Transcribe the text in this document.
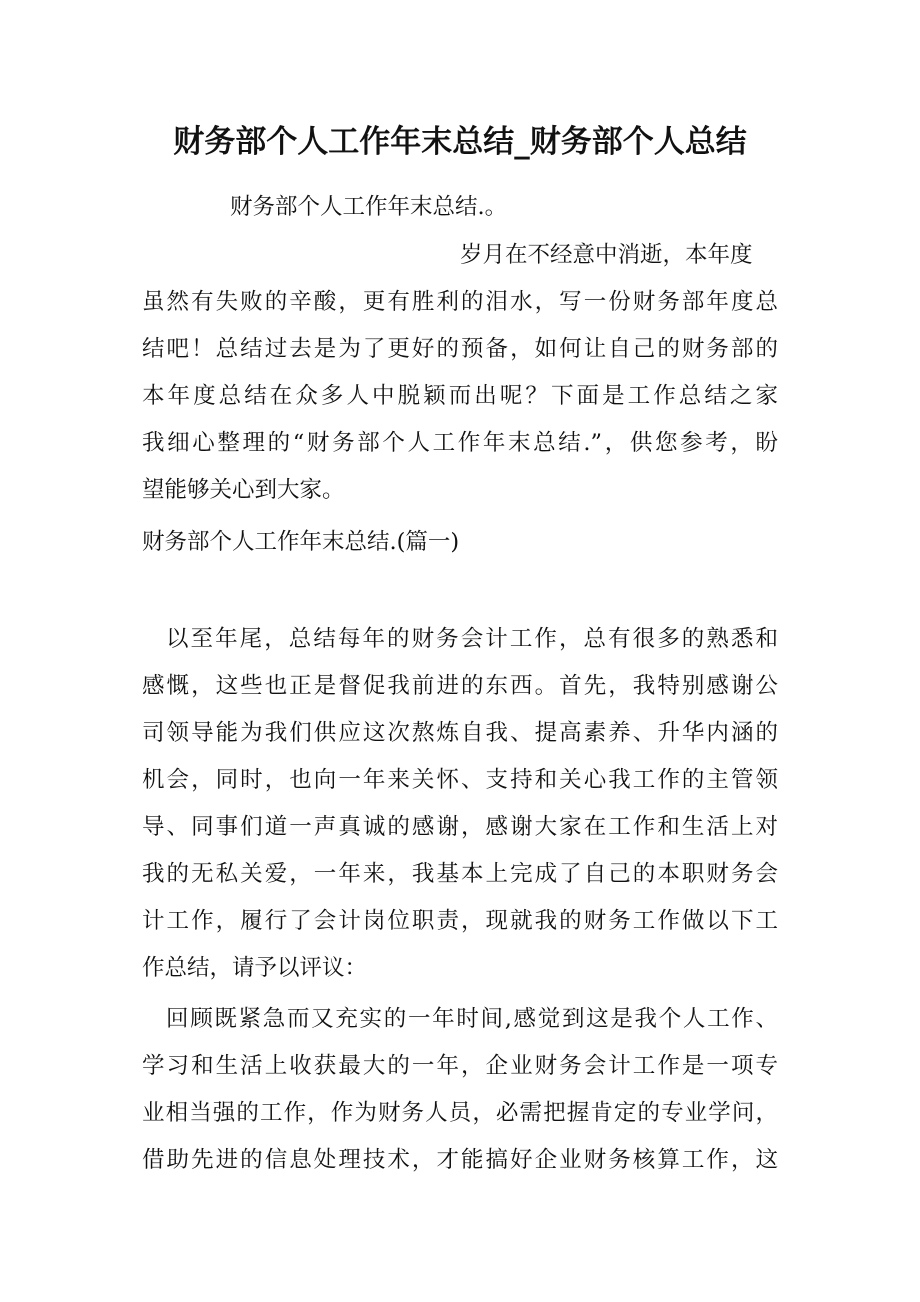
财务部个人工作年末总结_财务部个人总结

财务部个人工作年末总结.。

岁月在不经意中消逝，本年度

虽然有失败的辛酸，更有胜利的泪水，写一份财务部年度总

结吧！总结过去是为了更好的预备，如何让自己的财务部的

本年度总结在众多人中脱颖而出呢？下面是工作总结之家

我细心整理的“财务部个人工作年末总结.”，供您参考，盼

望能够关心到大家。

财务部个人工作年末总结.(篇一)

以至年尾，总结每年的财务会计工作，总有很多的熟悉和

感慨，这些也正是督促我前进的东西。首先，我特别感谢公

司领导能为我们供应这次熬炼自我、提高素养、升华内涵的

机会，同时，也向一年来关怀、支持和关心我工作的主管领

导、同事们道一声真诚的感谢，感谢大家在工作和生活上对

我的无私关爱，一年来，我基本上完成了自己的本职财务会

计工作，履行了会计岗位职责，现就我的财务工作做以下工

作总结，请予以评议：

回顾既紧急而又充实的一年时间,感觉到这是我个人工作、

学习和生活上收获最大的一年，企业财务会计工作是一项专

业相当强的工作，作为财务人员，必需把握肯定的专业学问，

借助先进的信息处理技术，才能搞好企业财务核算工作，这
